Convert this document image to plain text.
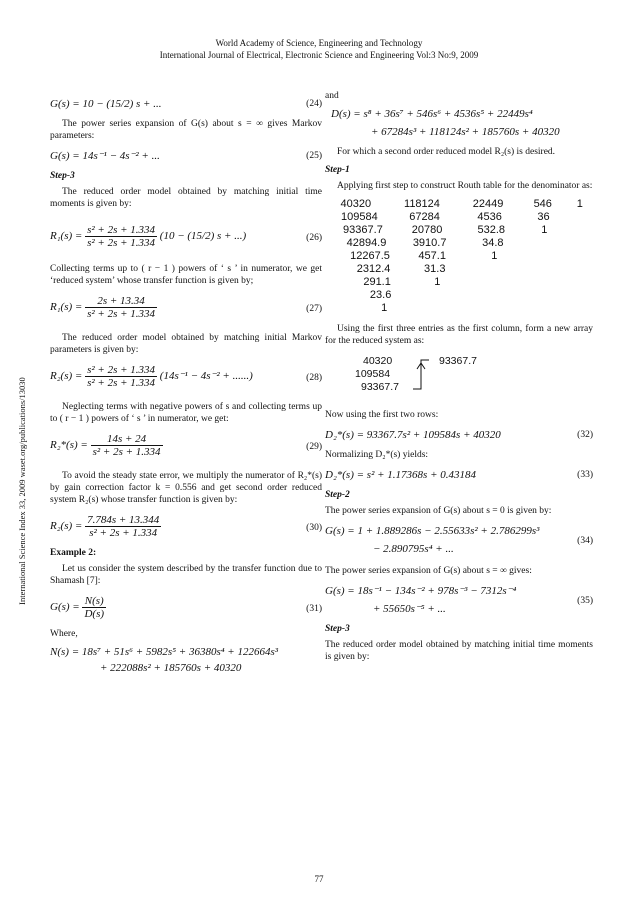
World Academy of Science, Engineering and Technology
International Journal of Electrical, Electronic Science and Engineering Vol:3 No:9, 2009
International Science Index 33, 2009 waset.org/publications/13030
G(s) = 10 − (15/2) s + ...	(24)

The power series expansion of G(s) about s = ∞ gives Markov parameters:

G(s) = 14s⁻¹ − 4s⁻² + ...	(25)
Step-3

The reduced order model obtained by matching initial time moments is given by:

$R_1(s) = \frac{\text{s² + 2s + 1.334}}{\text{s² + 2s + 1.334}} (10 - (15/2) s$ + ...)	(26)

Collecting terms up to ( r − 1 ) powers of ‘ s ’ in numerator, we get ‘reduced system’ whose transfer function is given by;

$R_1(s) = \frac{2s + 13.34}{\text{s² + 2s + 1.334}}$	(27)

The reduced order model obtained by matching initial Markov parameters is given by:

$R_2(s) = \frac{\text{s² + 2s + 1.334}}{\text{s² + 2s + 1.334}} (14s^{-1} - 4s^{-2}$ + ......)	(28)

Neglecting terms with negative powers of s and collecting terms up to ( r − 1 ) powers of ‘ s ’ in numerator, we get:

$R_2*(s) = \frac{14s + 24}{\text{s² + 2s + 1.334}}$	(29)

To avoid the steady state error, we multiply the numerator of R₂*(s) by gain correction factor k = 0.556 and get second order reduced system R₂(s) whose transfer function is given by:

$R_2(s) = \frac{7.784s + 13.344}{\text{s² + 2s + 1.334}}$	(30)
Example 2:

Let us consider the system described by the transfer function due to Shamash [7]:

$G(s) = \frac{N(s)}{D(s)}$	(31)

Where,

N(s) = 18s⁷ + 51s⁶ + 5982s⁵ + 36380s⁴ + 122664s³
+ 222088s² + 185760s + 40320

and

D(s) = s⁸ + 36s⁷ + 546s⁶ + 4536s⁵ + 22449s⁴
+ 67284s³ + 118124s² + 185760s + 40320

For which a second order reduced model R₂(s) is desired.

Step-1

Applying first step to construct Routh table for the denominator as:

40320	118124	22449	546	1
109584	67284	4536	36
93367.7	20780	532.8	1
42894.9	3910.7	34.8
12267.5	457.1	1
2312.4	31.3
291.1	1
23.6
1

Using the first three entries as the first column, form a new array for the reduced system as:

40320	93367.7
109584
93367.7

Now using the first two rows:

D₂*(s) = 93367.7s² + 109584s + 40320	(32)

Normalizing D₂*(s) yields:

D₂*(s) = s² + 1.17368s + 0.43184	(33)
Step-2

The power series expansion of G(s) about s = 0 is given by:

G(s) = 1 + 1.889286s − 2.55633s² + 2.786299s³
− 2.890795s⁴ + ...
(34)

The power series expansion of G(s) about s = ∞ gives:

G(s) = 18s⁻¹ − 134s⁻² + 978s⁻³ − 7312s⁻⁴
+ 55650s⁻⁵ + ...
(35)
Step-3

The reduced order model obtained by matching initial time moments is given by:

77
